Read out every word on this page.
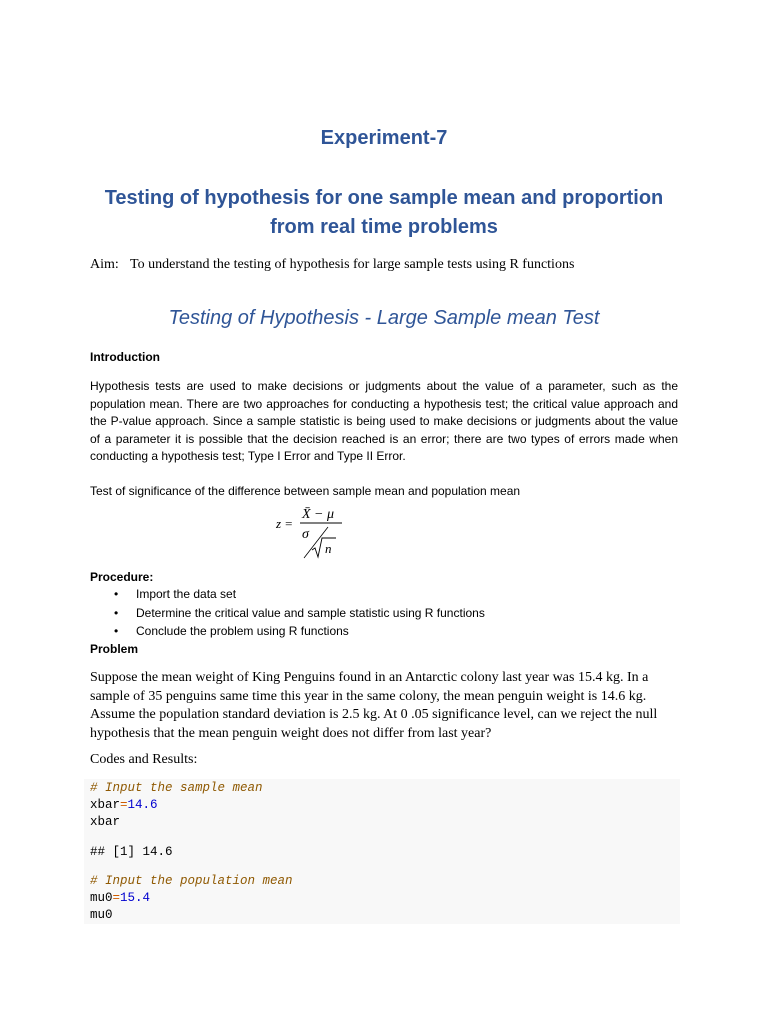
Experiment-7
Testing of hypothesis for one sample mean and proportion from real time problems
Aim: To understand the testing of hypothesis for large sample tests using R functions
Testing of Hypothesis - Large Sample mean Test
Introduction
Hypothesis tests are used to make decisions or judgments about the value of a parameter, such as the population mean. There are two approaches for conducting a hypothesis test; the critical value approach and the P-value approach. Since a sample statistic is being used to make decisions or judgments about the value of a parameter it is possible that the decision reached is an error; there are two types of errors made when conducting a hypothesis test; Type I Error and Type II Error.
Test of significance of the difference between sample mean and population mean
z =
X̄ − μ
σ
n
Procedure:
• Import the data set
• Determine the critical value and sample statistic using R functions
• Conclude the problem using R functions
Problem
Suppose the mean weight of King Penguins found in an Antarctic colony last year was 15.4 kg. In a sample of 35 penguins same time this year in the same colony, the mean penguin weight is 14.6 kg. Assume the population standard deviation is 2.5 kg. At 0 .05 significance level, can we reject the null hypothesis that the mean penguin weight does not differ from last year?
Codes and Results:
# Input the sample mean
xbar=14.6
xbar
## [1] 14.6
# Input the population mean
mu0=15.4
mu0
